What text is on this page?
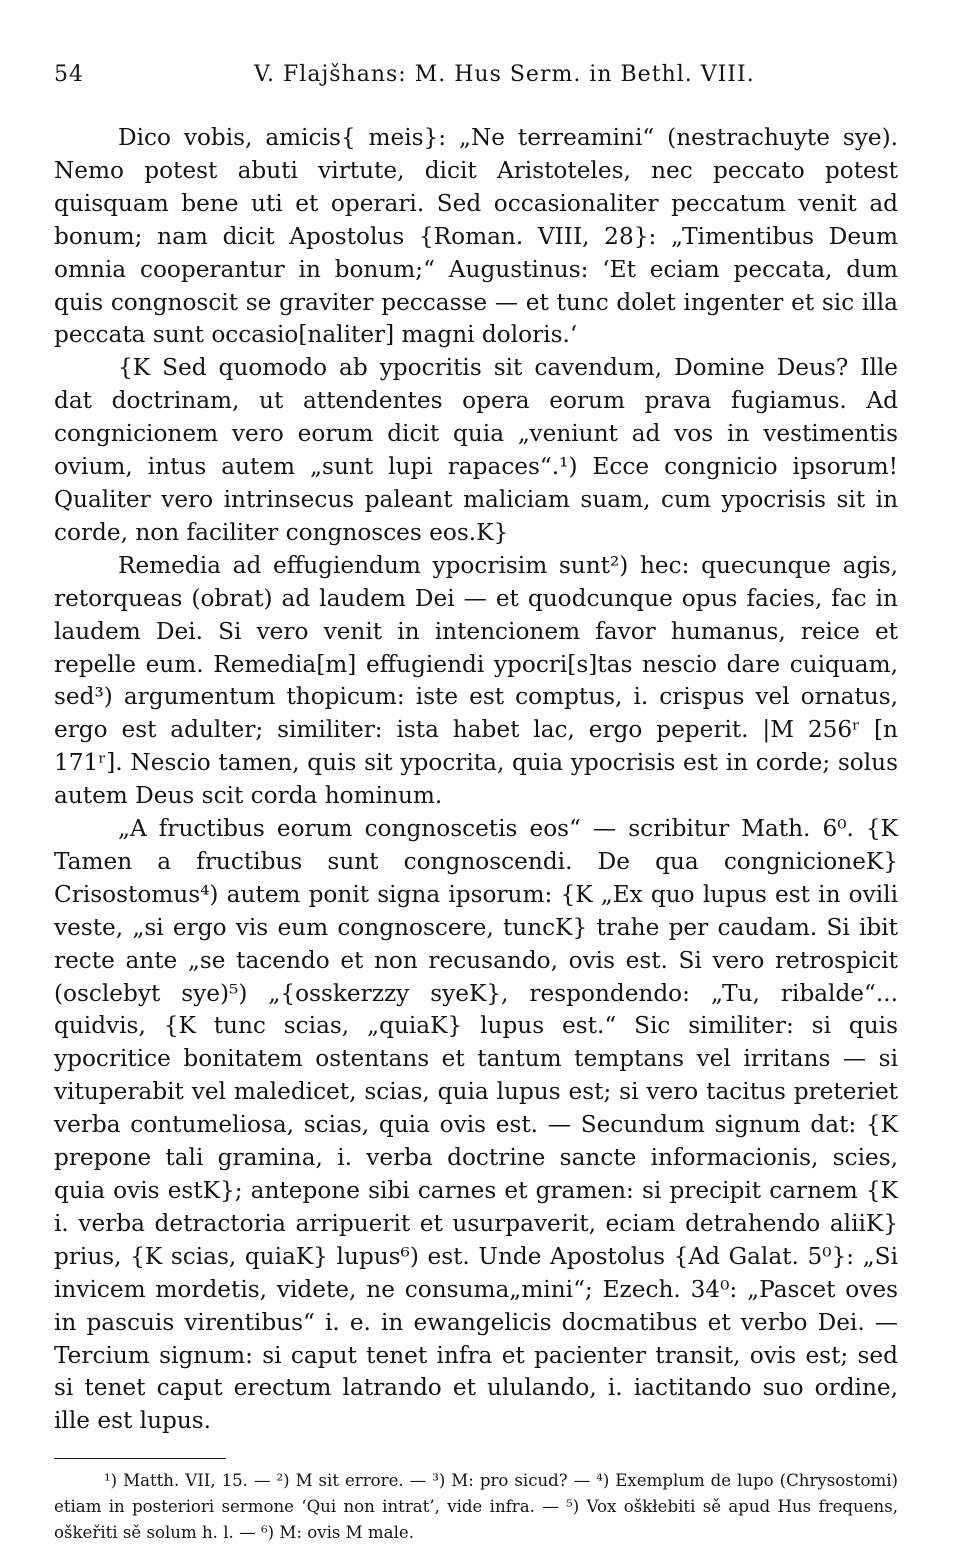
54	V. Flajšhans: M. Hus Serm. in Bethl. VIII.

Dico vobis, amicis{ meis}: „Ne terreamini“ (nestrachuyte sye). Nemo potest abuti virtute, dicit Aristoteles, nec peccato potest quisquam bene uti et operari. Sed occasionaliter peccatum venit ad bonum; nam dicit Apostolus {Roman. VIII, 28}: „Timentibus Deum omnia cooperantur in bonum;“ Augustinus: ‘Et eciam peccata, dum quis congnoscit se graviter peccasse — et tunc dolet ingenter et sic illa peccata sunt occasio[naliter] magni doloris.‘

{K Sed quomodo ab ypocritis sit cavendum, Domine Deus? Ille dat doctrinam, ut attendentes opera eorum prava fugiamus. Ad congnicionem vero eorum dicit quia „veniunt ad vos in vestimentis ovium, intus autem „sunt lupi rapaces“.¹) Ecce congnicio ipsorum! Qualiter vero intrinsecus paleant maliciam suam, cum ypocrisis sit in corde, non faciliter congnosces eos.K}

Remedia ad effugiendum ypocrisim sunt²) hec: quecunque agis, retorqueas (obrat) ad laudem Dei — et quodcunque opus facies, fac in laudem Dei. Si vero venit in intencionem favor humanus, reice et repelle eum. Remedia[m] effugiendi ypocri[s]tas nescio dare cuiquam, sed³) argumentum thopicum: iste est comptus, i. crispus vel ornatus, ergo est adulter; similiter: ista habet lac, ergo peperit. |M 256ʳ [n 171ʳ]. Nescio tamen, quis sit ypocrita, quia ypocrisis est in corde; solus autem Deus scit corda hominum.

„A fructibus eorum congnoscetis eos“ — scribitur Math. 6⁰. {K Tamen a fructibus sunt congnoscendi. De qua congnicioneK} Crisostomus⁴) autem ponit signa ipsorum: {K „Ex quo lupus est in ovili veste, „si ergo vis eum congnoscere, tuncK} trahe per caudam. Si ibit recte ante „se tacendo et non recusando, ovis est. Si vero retrospicit (osclebyt sye)⁵) „{osskerzzy syeK}, respondendo: „Tu, ribalde“... quidvis, {K tunc scias, „quiaK} lupus est.“ Sic similiter: si quis ypocritice bonitatem ostentans et tantum temptans vel irritans — si vituperabit vel maledicet, scias, quia lupus est; si vero tacitus preteriet verba contumeliosa, scias, quia ovis est. — Secundum signum dat: {K prepone tali gramina, i. verba doctrine sancte informacionis, scies, quia ovis estK}; antepone sibi carnes et gramen: si precipit carnem {K i. verba detractoria arripuerit et usurpaverit, eciam detrahendo aliiK} prius, {K scias, quiaK} lupus⁶) est. Unde Apostolus {Ad Galat. 5⁰}: „Si invicem mordetis, videte, ne consuma„mini“; Ezech. 34⁰: „Pascet oves in pascuis virentibus“ i. e. in ewangelicis docmatibus et verbo Dei. — Tercium signum: si caput tenet infra et pacienter transit, ovis est; sed si tenet caput erectum latrando et ululando, i. iactitando suo ordine, ille est lupus.

¹) Matth. VII, 15. — ²) M sit errore. — ³) M: pro sicud? — ⁴) Exemplum de lupo (Chrysostomi) etiam in posteriori sermone ‘Qui non intrat’, vide infra. — ⁵) Vox oškłebiti sě apud Hus frequens, oškeřiti sě solum h. l. — ⁶) M: ovis M male.
